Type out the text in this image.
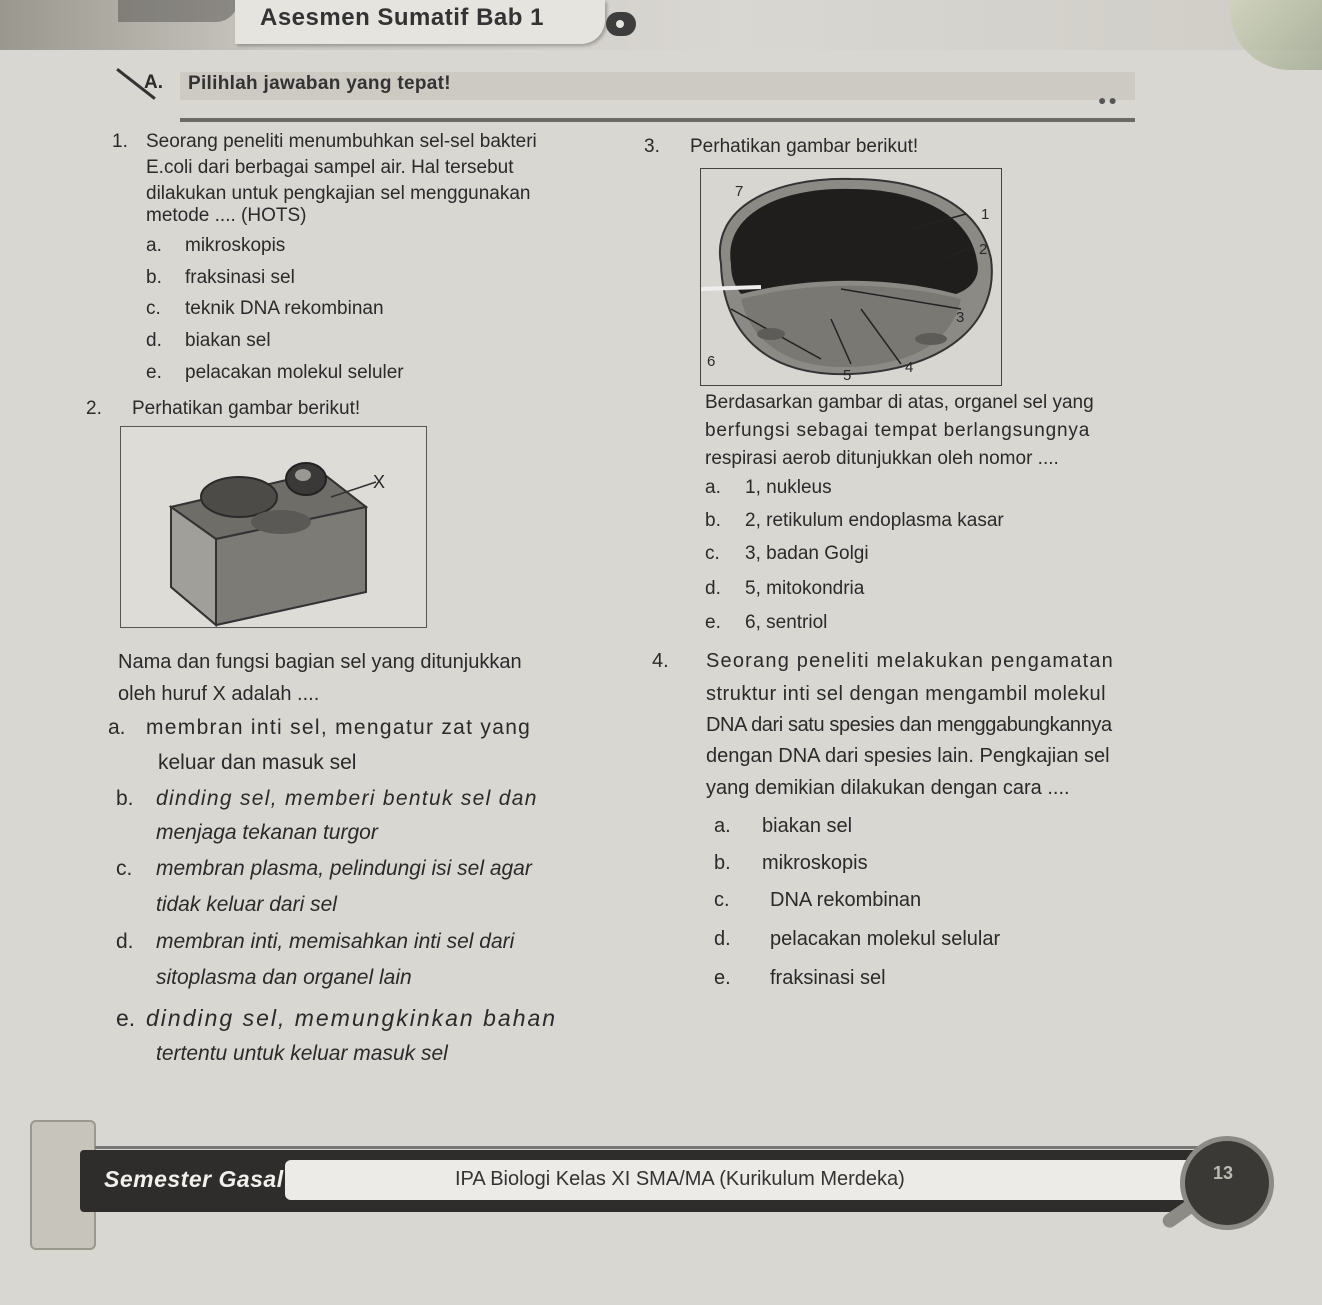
Asesmen Sumatif Bab 1
A. Pilihlah jawaban yang tepat!
●●
1. Seorang peneliti menumbuhkan sel-sel bakteri
E.coli dari berbagai sampel air. Hal tersebut
dilakukan untuk pengkajian sel menggunakan
metode .... (HOTS)
a. mikroskopis
b. fraksinasi sel
c. teknik DNA rekombinan
d. biakan sel
e. pelacakan molekul seluler
2. Perhatikan gambar berikut!
X
Nama dan fungsi bagian sel yang ditunjukkan
oleh huruf X adalah ....
a. membran inti sel, mengatur zat yang
keluar dan masuk sel
b. dinding sel, memberi bentuk sel dan
menjaga tekanan turgor
c. membran plasma, pelindungi isi sel agar
tidak keluar dari sel
d. membran inti, memisahkan inti sel dari
sitoplasma dan organel lain
e. dinding sel, memungkinkan bahan
tertentu untuk keluar masuk sel
3. Perhatikan gambar berikut!
7
1
2
3
6
5	4
Berdasarkan gambar di atas, organel sel yang
berfungsi sebagai tempat berlangsungnya
respirasi aerob ditunjukkan oleh nomor ....
a. 1, nukleus
b. 2, retikulum endoplasma kasar
c. 3, badan Golgi
d. 5, mitokondria
e. 6, sentriol
4. Seorang peneliti melakukan pengamatan
struktur inti sel dengan mengambil molekul
DNA dari satu spesies dan menggabungkannya
dengan DNA dari spesies lain. Pengkajian sel
yang demikian dilakukan dengan cara ....
a. biakan sel
b. mikroskopis
c. DNA rekombinan
d. pelacakan molekul selular
e. fraksinasi sel
Semester Gasal	IPA Biologi Kelas XI SMA/MA (Kurikulum Merdeka)	13
